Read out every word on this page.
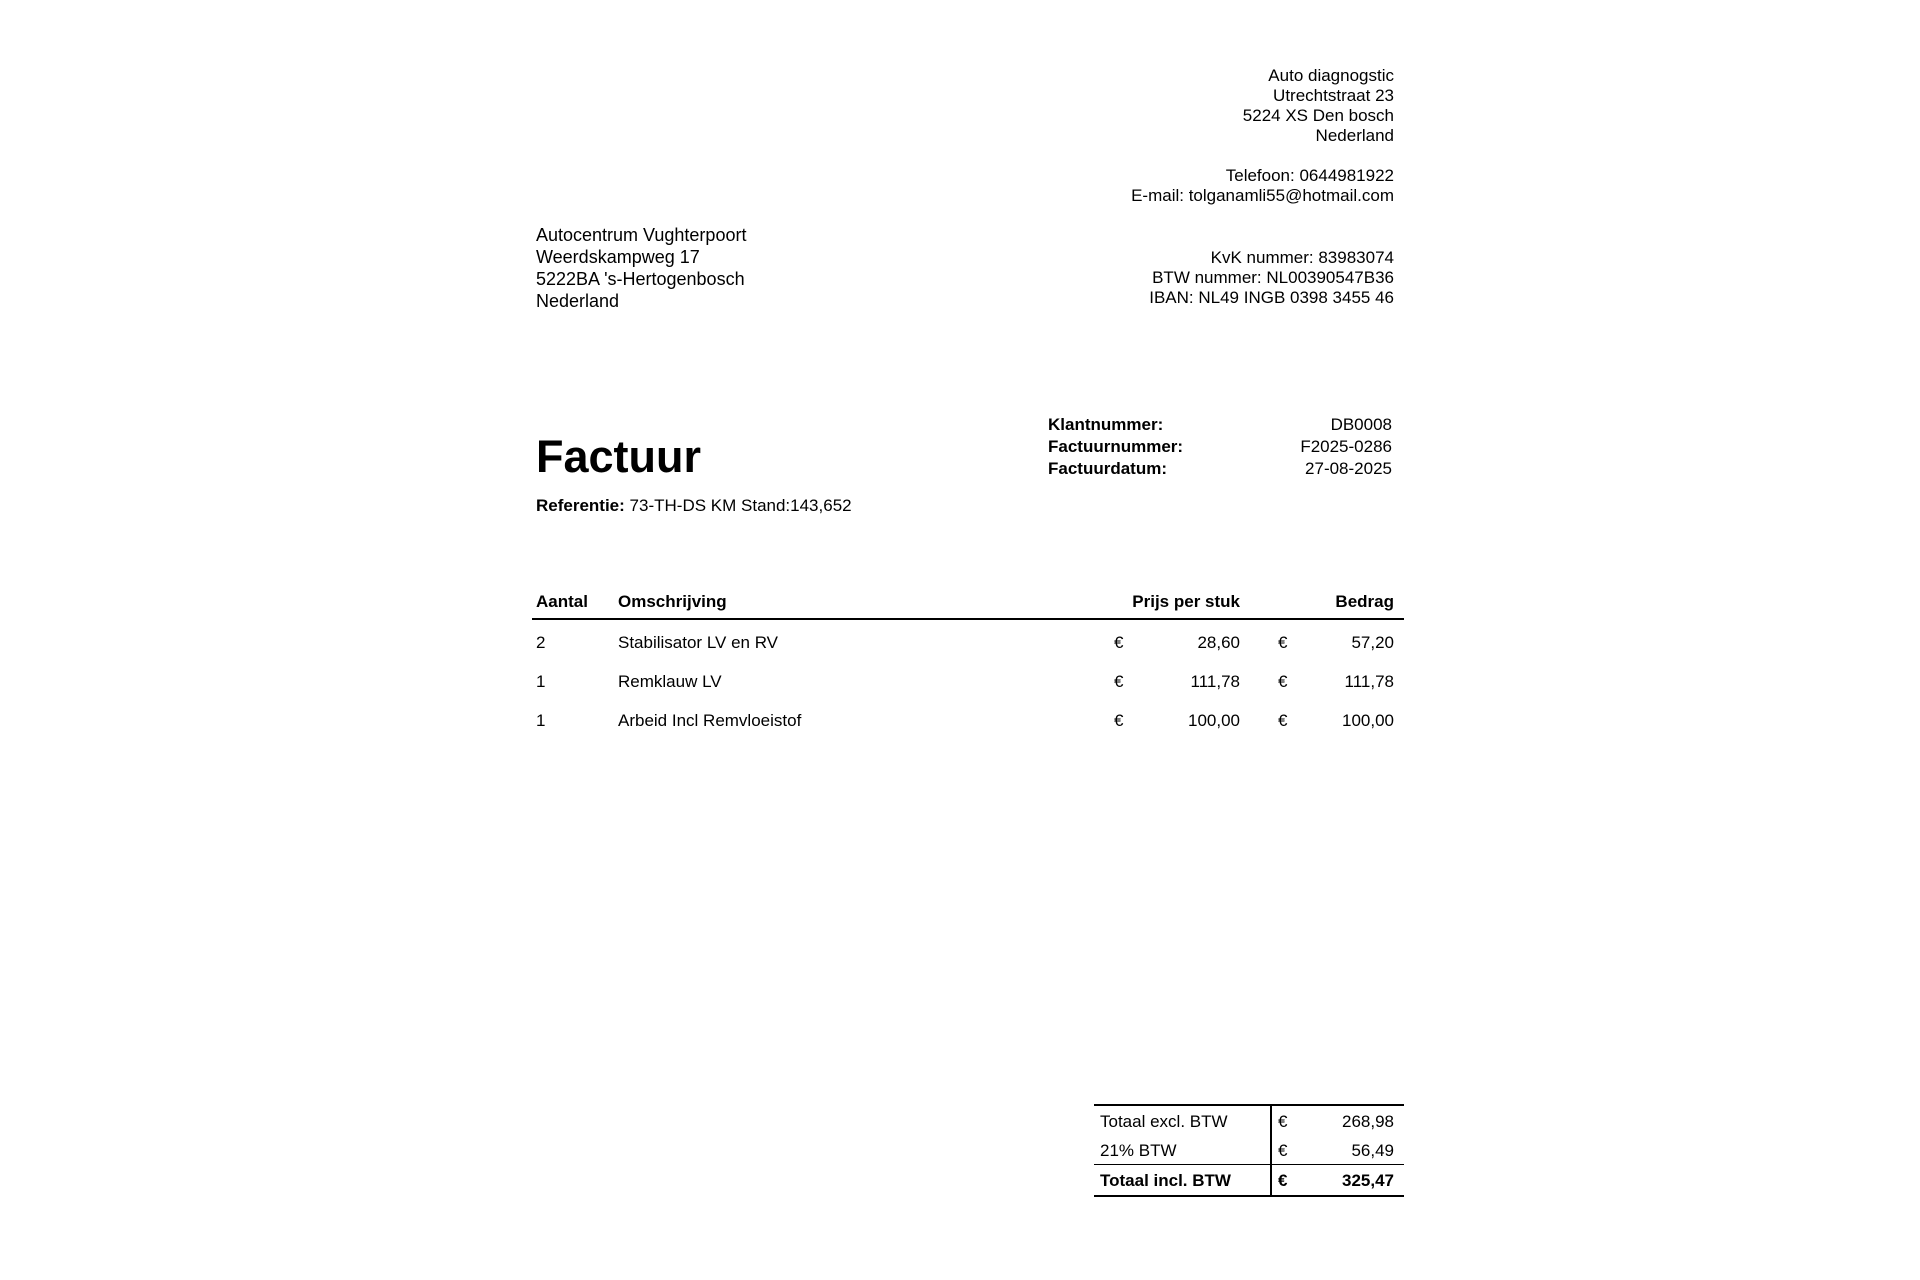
Auto diagnogstic
Utrechtstraat 23
5224 XS Den bosch
Nederland
Telefoon: 0644981922
E-mail: tolganamli55@hotmail.com
Autocentrum Vughterpoort
Weerdskampweg 17
5222BA 's-Hertogenbosch
Nederland
KvK nummer: 83983074
BTW nummer: NL00390547B36
IBAN: NL49 INGB 0398 3455 46
Factuur
Referentie: 73-TH-DS KM Stand:143,652
Klantnummer:	DB0008
Factuurnummer:	F2025-0286
Factuurdatum:	27-08-2025
Aantal Omschrijving	Prijs per stuk	Bedrag
2	Stabilisator LV en RV	€	28,60 €	57,20
1	Remklauw LV	€	111,78 €	111,78
1	Arbeid Incl Remvloeistof	€	100,00 €	100,00
Totaal excl. BTW	€	268,98
21% BTW	€	56,49
Totaal incl. BTW	€	325,47
